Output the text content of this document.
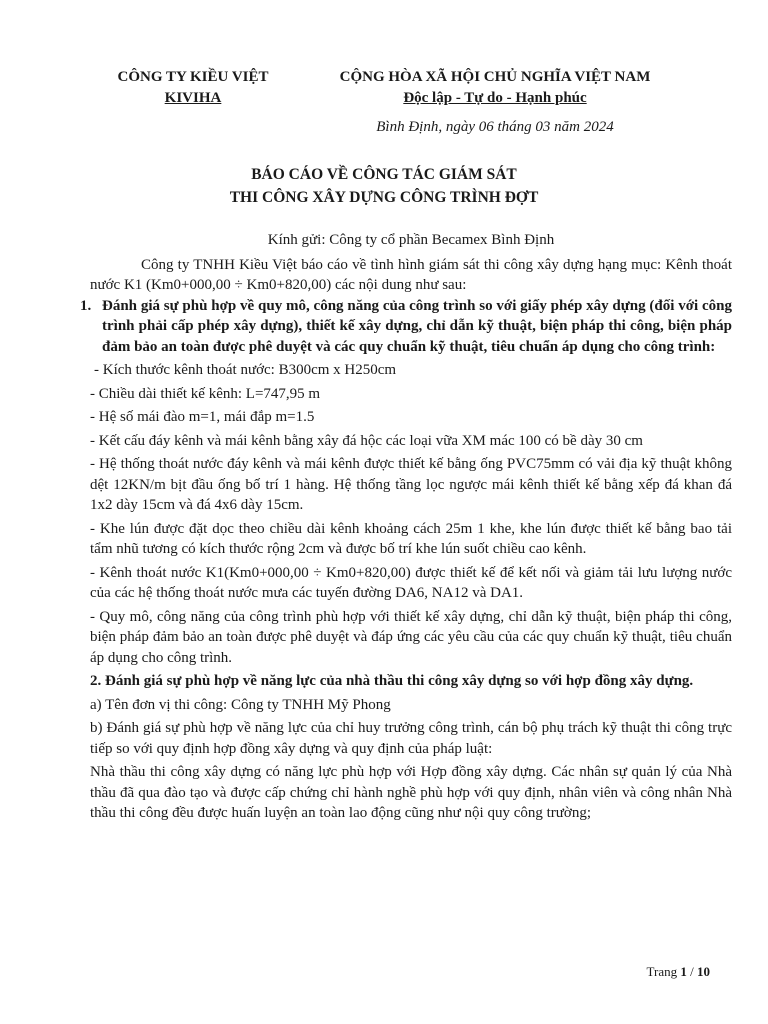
CÔNG TY KIỀU VIỆT
KIVIHA
CỘNG HÒA XÃ HỘI CHỦ NGHĨA VIỆT NAM
Độc lập - Tự do - Hạnh phúc
Bình Định, ngày 06 tháng 03 năm 2024
BÁO CÁO VỀ CÔNG TÁC GIÁM SÁT
THI CÔNG XÂY DỰNG CÔNG TRÌNH ĐỢT
Kính gửi: Công ty cổ phần Becamex Bình Định

Công ty TNHH Kiều Việt báo cáo về tình hình giám sát thi công xây dựng hạng mục: Kênh thoát nước K1 (Km0+000,00 ÷ Km0+820,00) các nội dung như sau:

1. Đánh giá sự phù hợp về quy mô, công năng của công trình so với giấy phép xây dựng (đối với công trình phải cấp phép xây dựng), thiết kế xây dựng, chỉ dẫn kỹ thuật, biện pháp thi công, biện pháp đảm bảo an toàn được phê duyệt và các quy chuẩn kỹ thuật, tiêu chuẩn áp dụng cho công trình:

- Kích thước kênh thoát nước: B300cm x H250cm

- Chiều dài thiết kế kênh: L=747,95 m

- Hệ số mái đào m=1, mái đắp m=1.5

- Kết cấu đáy kênh và mái kênh bằng xây đá hộc các loại vữa XM mác 100 có bề dày 30 cm

- Hệ thống thoát nước đáy kênh và mái kênh được thiết kế bằng ống PVC75mm có vải địa kỹ thuật không dệt 12KN/m bịt đầu ống bố trí 1 hàng. Hệ thống tầng lọc ngược mái kênh thiết kế bằng xếp đá khan đá 1x2 dày 15cm và đá 4x6 dày 15cm.

- Khe lún được đặt dọc theo chiều dài kênh khoảng cách 25m 1 khe, khe lún được thiết kế bằng bao tải tẩm nhũ tương có kích thước rộng 2cm và được bố trí khe lún suốt chiều cao kênh.

- Kênh thoát nước K1(Km0+000,00 ÷ Km0+820,00) được thiết kế để kết nối và giảm tải lưu lượng nước của các hệ thống thoát nước mưa các tuyến đường DA6, NA12 và DA1.

- Quy mô, công năng của công trình phù hợp với thiết kế xây dựng, chỉ dẫn kỹ thuật, biện pháp thi công, biện pháp đảm bảo an toàn được phê duyệt và đáp ứng các yêu cầu của các quy chuẩn kỹ thuật, tiêu chuẩn áp dụng cho công trình.

2. Đánh giá sự phù hợp về năng lực của nhà thầu thi công xây dựng so với hợp đồng xây dựng.

a) Tên đơn vị thi công: Công ty TNHH Mỹ Phong

b) Đánh giá sự phù hợp về năng lực của chỉ huy trưởng công trình, cán bộ phụ trách kỹ thuật thi công trực tiếp so với quy định hợp đồng xây dựng và quy định của pháp luật:

Nhà thầu thi công xây dựng có năng lực phù hợp với Hợp đồng xây dựng. Các nhân sự quản lý của Nhà thầu đã qua đào tạo và được cấp chứng chỉ hành nghề phù hợp với quy định, nhân viên và công nhân Nhà thầu thi công đều được huấn luyện an toàn lao động cũng như nội quy công trường;

Trang 1 / 10
